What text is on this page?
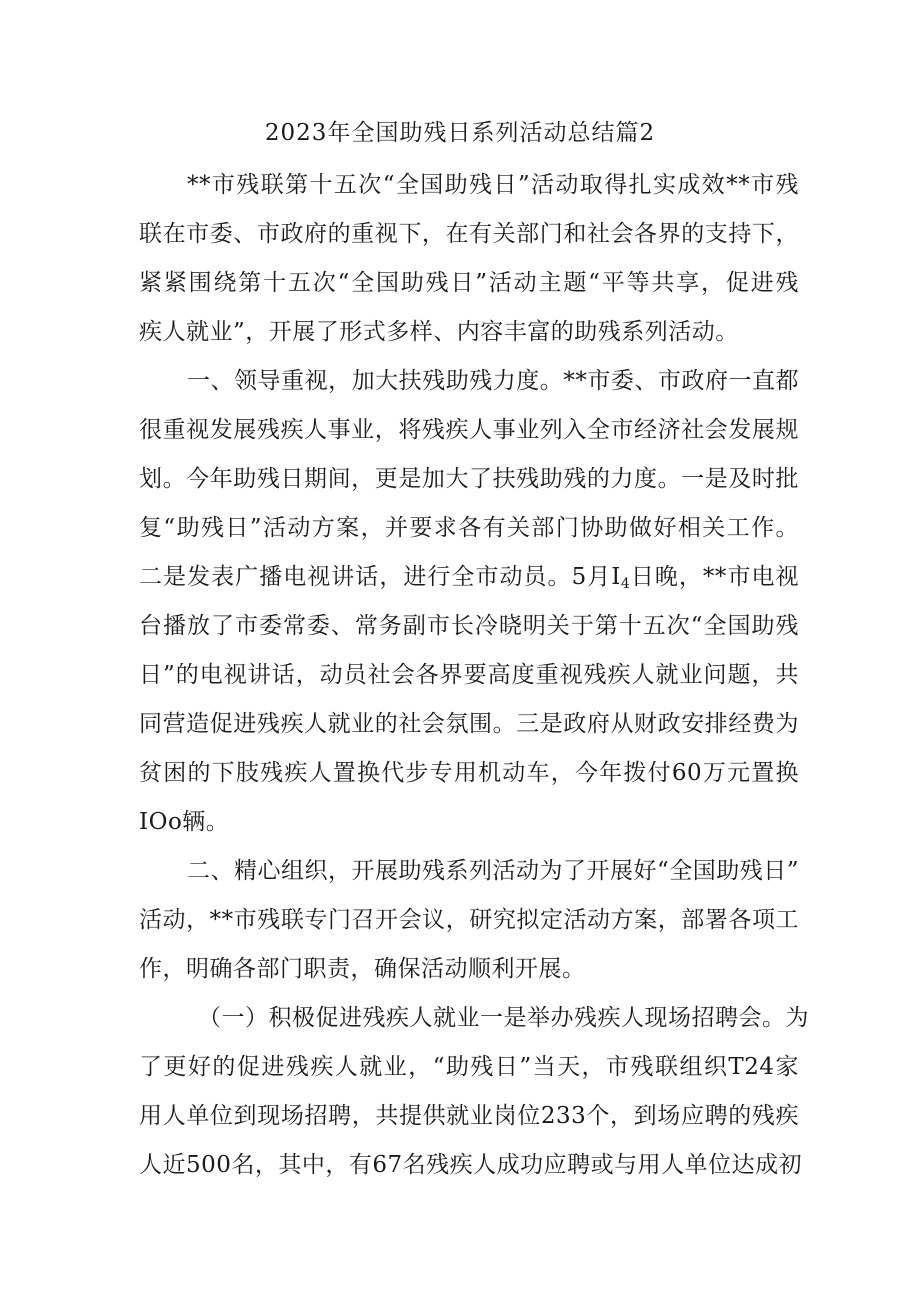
2023年全国助残日系列活动总结篇2
**市残联第十五次“全国助残日”活动取得扎实成效**市残
联在市委、市政府的重视下，在有关部门和社会各界的支持下，
紧紧围绕第十五次“全国助残日”活动主题“平等共享，促进残
疾人就业”，开展了形式多样、内容丰富的助残系列活动。
一、领导重视，加大扶残助残力度。**市委、市政府一直都
很重视发展残疾人事业，将残疾人事业列入全市经济社会发展规
划。今年助残日期间，更是加大了扶残助残的力度。一是及时批
复“助残日”活动方案，并要求各有关部门协助做好相关工作。
二是发表广播电视讲话，进行全市动员。5月$I_4$日晚，**市电视
台播放了市委常委、常务副市长冷晓明关于第十五次“全国助残
日”的电视讲话，动员社会各界要高度重视残疾人就业问题，共
同营造促进残疾人就业的社会氛围。三是政府从财政安排经费为
贫困的下肢残疾人置换代步专用机动车，今年拨付60万元置换
IOo辆。
二、精心组织，开展助残系列活动为了开展好“全国助残日”
活动，**市残联专门召开会议，研究拟定活动方案，部署各项工
作，明确各部门职责，确保活动顺利开展。
（一）积极促进残疾人就业一是举办残疾人现场招聘会。为
了更好的促进残疾人就业，“助残日”当天，市残联组织T24家
用人单位到现场招聘，共提供就业岗位233个，到场应聘的残疾
人近500名，其中，有67名残疾人成功应聘或与用人单位达成初
